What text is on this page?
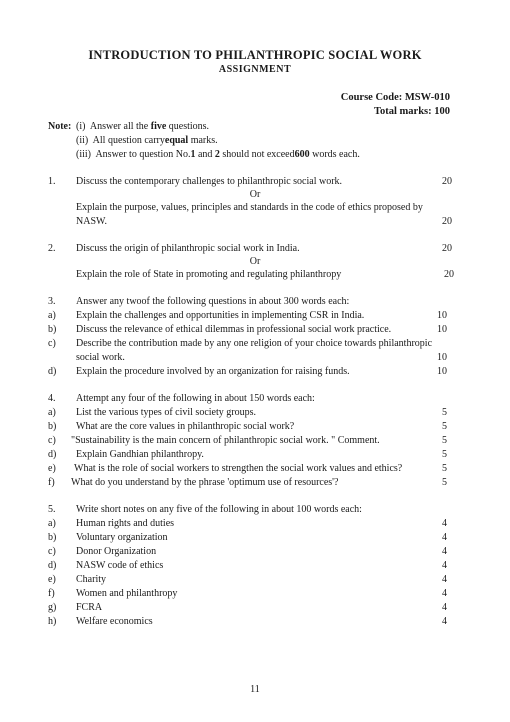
INTRODUCTION TO PHILANTHROPIC SOCIAL WORK
ASSIGNMENT
Course Code: MSW-010
Total marks: 100
Note: (i) Answer all the five questions.
(ii) All question carryequal marks.
(iii) Answer to question No.1 and 2 should not exceed600 words each.
1. Discuss the contemporary challenges to philanthropic social work.	20
Or
Explain the purpose, values, principles and standards in the code of ethics proposed by
NASW.	20
2. Discuss the origin of philanthropic social work in India.	20
Or
Explain the role of State in promoting and regulating philanthropy	20
3. Answer any twoof the following questions in about 300 words each:
a) Explain the challenges and opportunities in implementing CSR in India.	10
b) Discuss the relevance of ethical dilemmas in professional social work practice.	10
c) Describe the contribution made by any one religion of your choice towards philanthropic
social work.	10
d) Explain the procedure involved by an organization for raising funds.	10
4. Attempt any four of the following in about 150 words each:
a) List the various types of civil society groups.	5
b) What are the core values in philanthropic social work?	5
c) "Sustainability is the main concern of philanthropic social work. " Comment.	5
d) Explain Gandhian philanthropy.	5
e) What is the role of social workers to strengthen the social work values and ethics?	5
f) What do you understand by the phrase 'optimum use of resources'?	5
5. Write short notes on any five of the following in about 100 words each:
a) Human rights and duties	4
b) Voluntary organization	4
c) Donor Organization	4
d) NASW code of ethics	4
e) Charity	4
f) Women and philanthropy	4
g) FCRA	4
h) Welfare economics	4
11
